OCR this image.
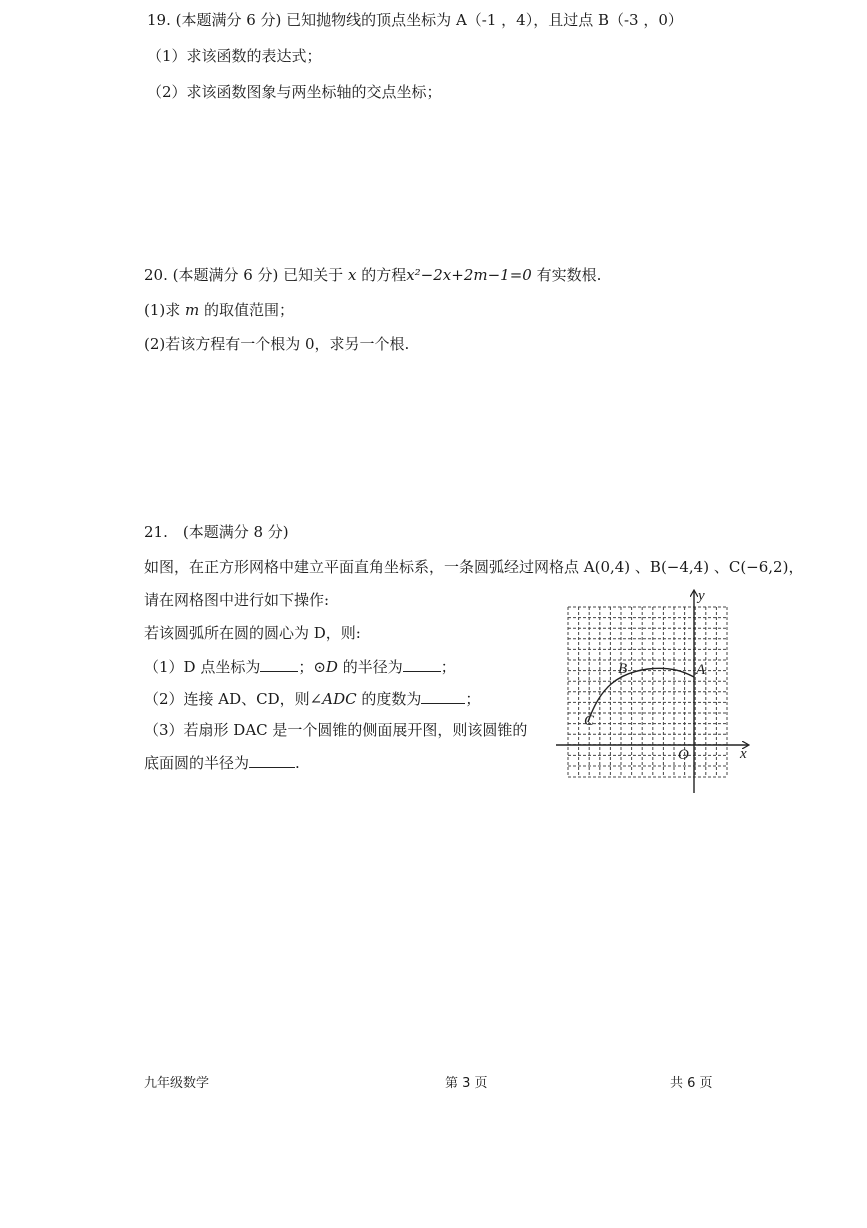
19. (本题满分 6 分) 已知抛物线的顶点坐标为 A（-1 ，4），且过点 B（-3 ，0）
（1）求该函数的表达式；
（2）求该函数图象与两坐标轴的交点坐标；
20. (本题满分 6 分) 已知关于 x 的方程x²−2x+2m−1=0 有实数根.
(1)求 m 的取值范围；
(2)若该方程有一个根为 0，求另一个根.
21.　(本题满分 8 分)
如图，在正方形网格中建立平面直角坐标系，一条圆弧经过网格点 A(0,4) 、B(−4,4) 、C(−6,2)，
请在网格图中进行如下操作:
若该圆弧所在圆的圆心为 D，则:
（1）D 点坐标为	；⊙D 的半径为	；
（2）连接 AD、CD，则∠ADC 的度数为	；
（3）若扇形 DAC 是一个圆锥的侧面展开图，则该圆锥的
底面圆的半径为	.	x
y
O
A
B
C
九年级数学	第 3 页	共 6 页
